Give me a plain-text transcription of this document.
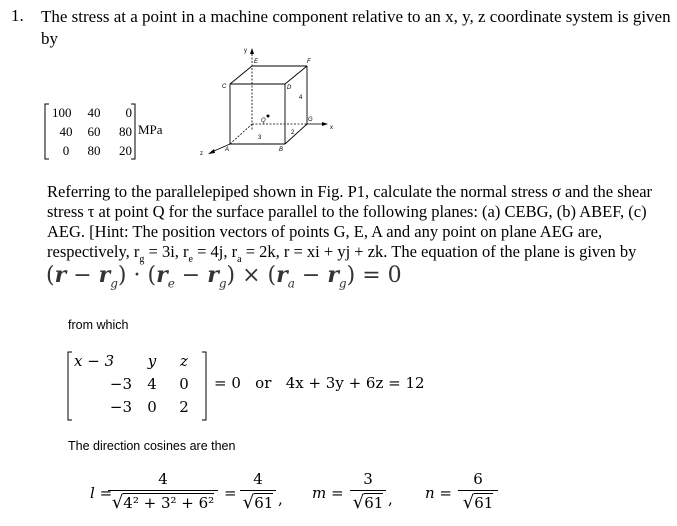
1. The stress at a point in a machine component relative to an x, y, z coordinate system is given by
100	40	0
40	60	80
0	80	20
MPa
y
x
z
E	F
C	D
4
G
Q
2
3
A	B
Referring to the parallelepiped shown in Fig. P1, calculate the normal stress σ and the shear stress τ at point Q for the surface parallel to the following planes: (a) CEBG, (b) ABEF, (c) AEG. [Hint: The position vectors of points G, E, A and any point on plane AEG are, respectively, $r_g = 3i$, $r_e = 4j$, $r_a = 2k$, r = xi + yj + zk. The equation of the plane is given by
$(r - r_g) \cdot (r_e - r_g) \times (r_a - r_g) = 0$
from which
x − 3	y	z
−3	4	0
−3	0	2
= 0   or   4x + 3y + 6z = 12
The direction cosines are then
l =
4
√4² + 3² + 6²
=
4
√61 , m =
3
√61 , n =
6
√61
